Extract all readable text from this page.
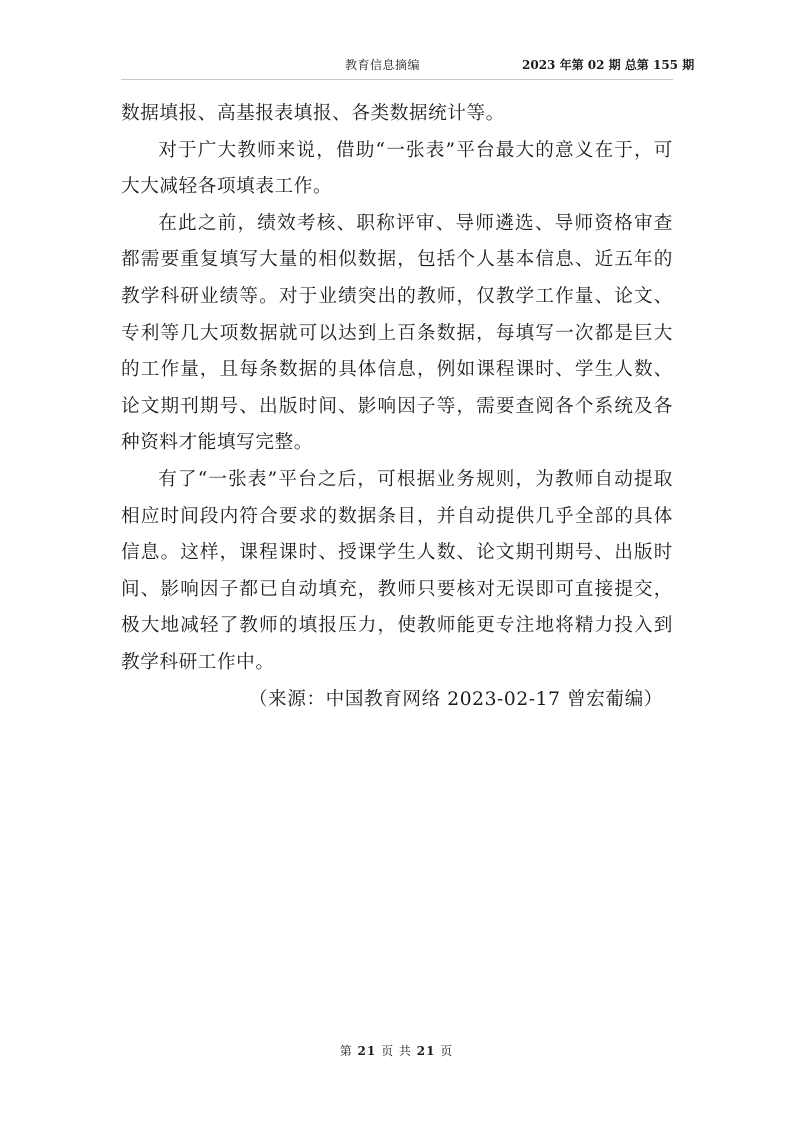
教育信息摘编	2023 年第 02 期 总第 155 期

数据填报、高基报表填报、各类数据统计等。

对于广大教师来说，借助“一张表”平台最大的意义在于，可大大减轻各项填表工作。

在此之前，绩效考核、职称评审、导师遴选、导师资格审查都需要重复填写大量的相似数据，包括个人基本信息、近五年的教学科研业绩等。对于业绩突出的教师，仅教学工作量、论文、专利等几大项数据就可以达到上百条数据，每填写一次都是巨大的工作量，且每条数据的具体信息，例如课程课时、学生人数、论文期刊期号、出版时间、影响因子等，需要查阅各个系统及各种资料才能填写完整。

有了“一张表”平台之后，可根据业务规则，为教师自动提取相应时间段内符合要求的数据条目，并自动提供几乎全部的具体信息。这样，课程课时、授课学生人数、论文期刊期号、出版时间、影响因子都已自动填充，教师只要核对无误即可直接提交，极大地减轻了教师的填报压力，使教师能更专注地将精力投入到教学科研工作中。

（来源：中国教育网络 2023-02-17 曾宏葡编）

第 21 页 共 21 页
